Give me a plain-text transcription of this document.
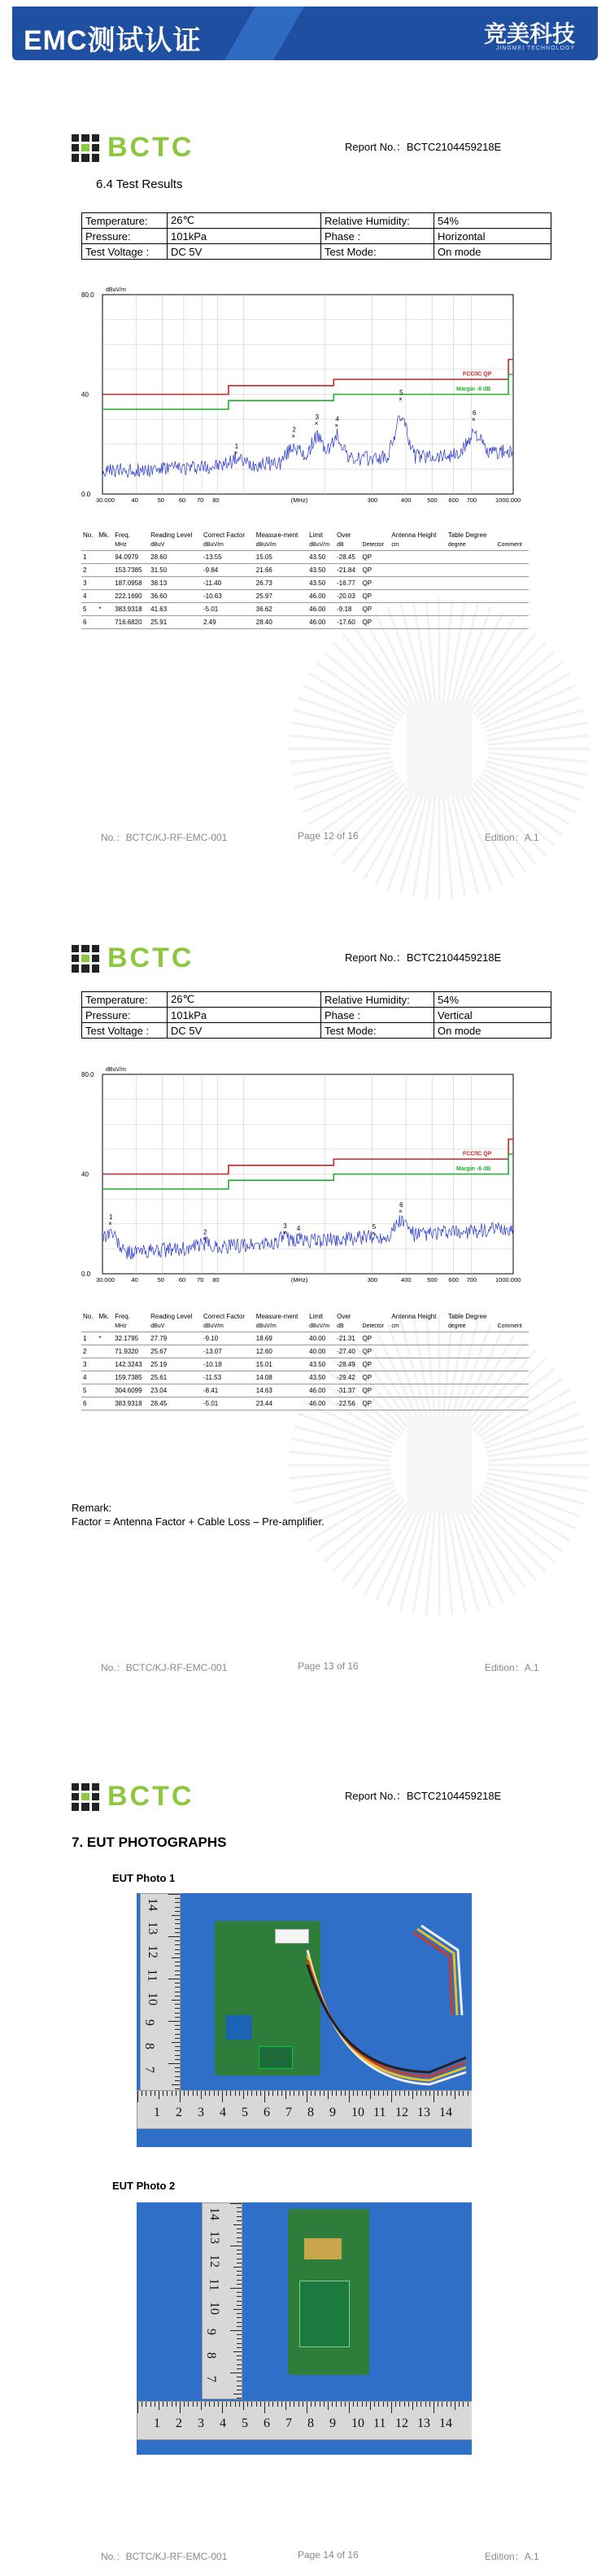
EMC测试认证	竞美科技
JINGMEI TECHNOLOGY
BCTC	Report No.：BCTC2104459218E
6.4 Test Results
Temperature:	26℃	Relative Humidity:	54%
Pressure:	101kPa	Phase :	Horizontal
Test Voltage :	DC 5V	Test Mode:	On mode
80.0
40
0.0
dBuV/m
30.000	40	50 60 70 80	300	400	500 600 700	1000.000
(MHz)
FCC/IC QP
Margin -6 dB
×
1
×
2
×
3
×
4
×
5
×
6
No.	Mk.	Freq.	Reading Level	Correct Factor	Measure-ment	Limit	Over		Antenna Height	Table Degree	
		MHz	dBuV	dBuV/m	dBuV/m	dBuV/m	dB	Detector	cm	degree	Comment
1		94.0979	28.60	-13.55	15.05	43.50	-28.45	QP			
2		153.7385	31.50	-9.84	21.66	43.50	-21.84	QP			
3		187.0958	38.13	-11.40	26.73	43.50	-16.77	QP			
4		222.1690	36.60	-10.63	25.97	46.00	-20.03	QP			
5	*	383.9318	41.63	-5.01	36.62	46.00	-9.18	QP			
6		716.6820	25.91	2.49	28.40	46.00	-17.60	QP			
No.：BCTC/KJ-RF-EMC-001	Page 12 of 16	Edition：A.1
BCTC	Report No.：BCTC2104459218E
Temperature:	26℃	Relative Humidity:	54%
Pressure:	101kPa	Phase :	Vertical
Test Voltage :	DC 5V	Test Mode:	On mode
80.0
40
0.0
dBuV/m
30.000	40	50 60 70 80	300	400	500 600 700	1000.000
(MHz)
FCC/IC QP
Margin -6 dB
×
1
×
2	×
3
×
4
×
5
×
6
No.	Mk.	Freq.	Reading Level	Correct Factor	Measure-ment	Limit	Over		Antenna Height	Table Degree	
		MHz	dBuV	dBuV/m	dBuV/m	dBuV/m	dB	Detector	cm	degree	Comment
1	*	32.1795	27.79	-9.10	18.69	40.00	-21.31	QP			
2		71.9320	25.67	-13.07	12.60	40.00	-27.40	QP			
3		142.3243	25.19	-10.18	15.01	43.50	-28.49	QP			
4		159.7385	25.61	-11.53	14.08	43.50	-29.42	QP			
5		304.6099	23.04	-8.41	14.63	46.00	-31.37	QP			
6		383.9318	28.45	-5.01	23.44	46.00	-22.56	QP			
Remark:
Factor = Antenna Factor + Cable Loss – Pre-amplifier.
No.：BCTC/KJ-RF-EMC-001	Page 13 of 16	Edition：A.1
BCTC	Report No.：BCTC2104459218E
7. EUT PHOTOGRAPHS
EUT Photo 1
14
13
12
11
10
9
8
7
1 2 3 4 5 6 7 8 9 10 11 12 13 14
EUT Photo 2
14
13
12
11
10
9
8
7
1 2 3 4 5 6 7 8 9 10 11 12 13 14
No.：BCTC/KJ-RF-EMC-001	Page 14 of 16	Edition：A.1
